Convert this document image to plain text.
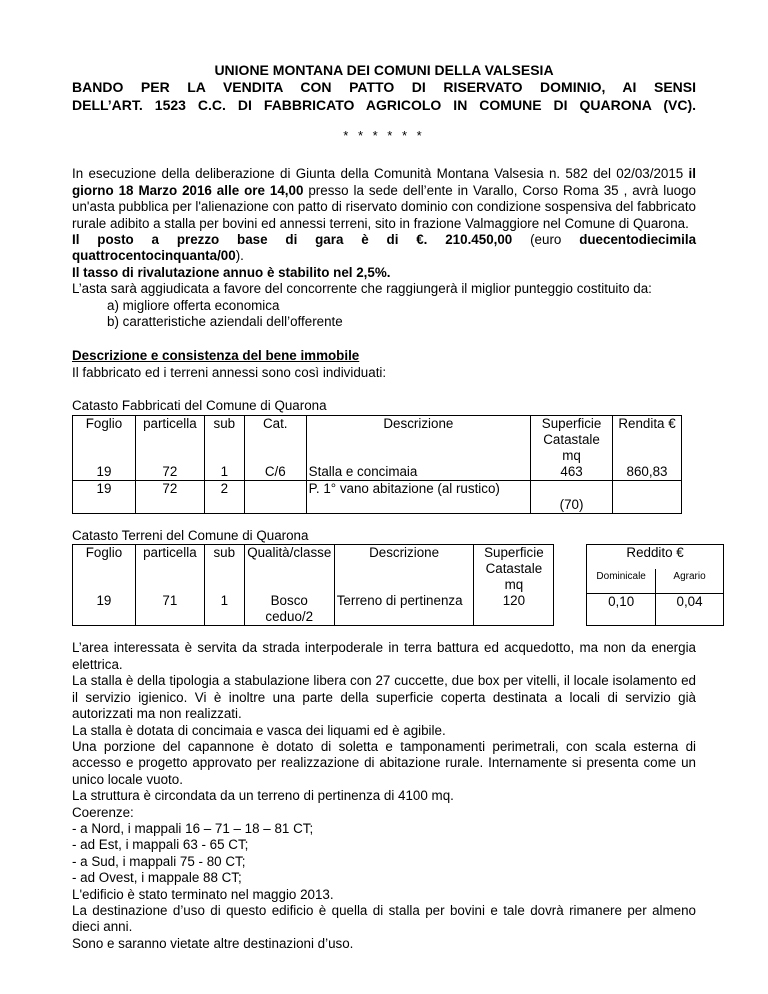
UNIONE MONTANA DEI COMUNI DELLA VALSESIA
BANDO PER LA VENDITA CON PATTO DI RISERVATO DOMINIO, AI SENSI
DELL’ART. 1523 C.C. DI FABBRICATO AGRICOLO IN COMUNE DI QUARONA (VC).
* * * * * *

In esecuzione della deliberazione di Giunta della Comunità Montana Valsesia n. 582 del 02/03/2015 il giorno 18 Marzo 2016 alle ore 14,00 presso la sede dell’ente in Varallo, Corso Roma 35 , avrà luogo un'asta pubblica per l'alienazione con patto di riservato dominio con condizione sospensiva del fabbricato rurale adibito a stalla per bovini ed annessi terreni, sito in frazione Valmaggiore nel Comune di Quarona.

Il posto a prezzo base di gara è di €. 210.450,00 (euro duecentodiecimila

quattrocentocinquanta/00).

Il tasso di rivalutazione annuo è stabilito nel 2,5%.

L’asta sarà aggiudicata a favore del concorrente che raggiungerà il miglior punteggio costituito da:

a) migliore offerta economica
b) caratteristiche aziendali dell’offerente

Descrizione e consistenza del bene immobile

Il fabbricato ed i terreni annessi sono così individuati:

Catasto Fabbricati del Comune di Quarona

Foglio	particella	sub	Cat.	Descrizione	Superficie Catastale mq	Rendita €
19	72	1	C/6	Stalla e concimaia	463	860,83
19	72	2		P. 1° vano abitazione (al rustico)	(70)	

Catasto Terreni del Comune di Quarona

Foglio	particella	sub	Qualità/classe	Descrizione	Superficie Catastale mq		Reddito €	
							Dominicale	Agrario
19	71	1	Bosco ceduo/2	Terreno di pertinenza	120		0,10	0,04

L’area interessata è servita da strada interpoderale in terra battura ed acquedotto, ma non da energia elettrica.

La stalla è della tipologia a stabulazione libera con 27 cuccette, due box per vitelli, il locale isolamento ed il servizio igienico. Vi è inoltre una parte della superficie coperta destinata a locali di servizio già autorizzati ma non realizzati.

La stalla è dotata di concimaia e vasca dei liquami ed è agibile.

Una porzione del capannone è dotato di soletta e tamponamenti perimetrali, con scala esterna di accesso e progetto approvato per realizzazione di abitazione rurale. Internamente si presenta come un unico locale vuoto.

La struttura è circondata da un terreno di pertinenza di 4100 mq.

Coerenze:

- a Nord, i mappali 16 – 71 – 18 – 81 CT;

- ad Est, i mappali 63 - 65 CT;

- a Sud, i mappali 75 - 80 CT;

- ad Ovest, i mappale 88 CT;

L'edificio è stato terminato nel maggio 2013.

La destinazione d’uso di questo edificio è quella di stalla per bovini e tale dovrà rimanere per almeno dieci anni.

Sono e saranno vietate altre destinazioni d’uso.
